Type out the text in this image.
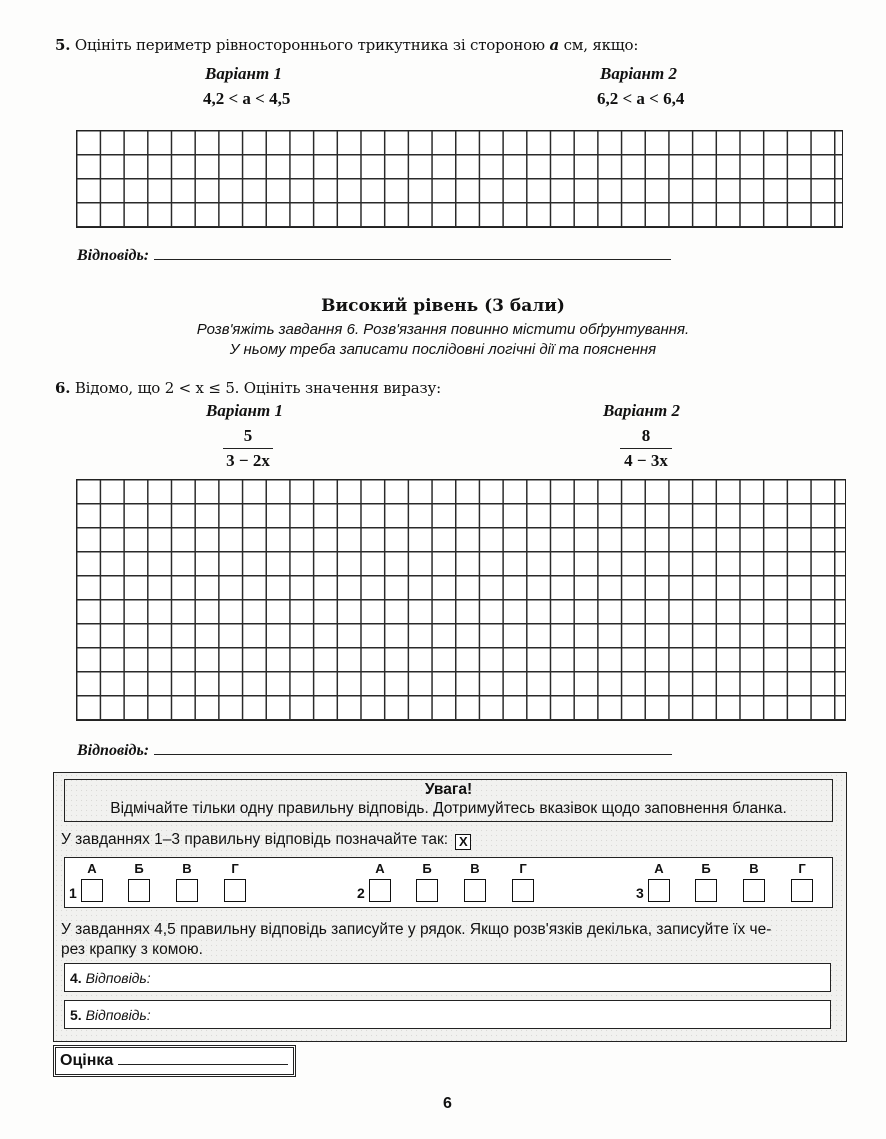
5. Оцініть периметр рівностороннього трикутника зі стороною a см, якщо:
Варіант 1
4,2 < a < 4,5
Варіант 2
6,2 < a < 6,4
Відповідь:
Високий рівень (3 бали)
Розв'яжіть завдання 6. Розв'язання повинно містити обґрунтування.
У ньому треба записати послідовні логічні дії та пояснення
6. Відомо, що 2 < x ≤ 5. Оцініть значення виразу:
Варіант 1
5
3 − 2x
Варіант 2
8
4 − 3x
Відповідь:
Увага!
Відмічайте тільки одну правильну відповідь. Дотримуйтесь вказівок щодо заповнення бланка.
У завданнях 1–3 правильну відповідь позначайте так: X
1
А	Б	В	Г
2
А	Б	В	Г
3
А	Б	В	Г
У завданнях 4,5 правильну відповідь записуйте у рядок. Якщо розв'язків декілька, записуйте їх че-
рез крапку з комою.
4. Відповідь:
5. Відповідь:
Оцінка
6
